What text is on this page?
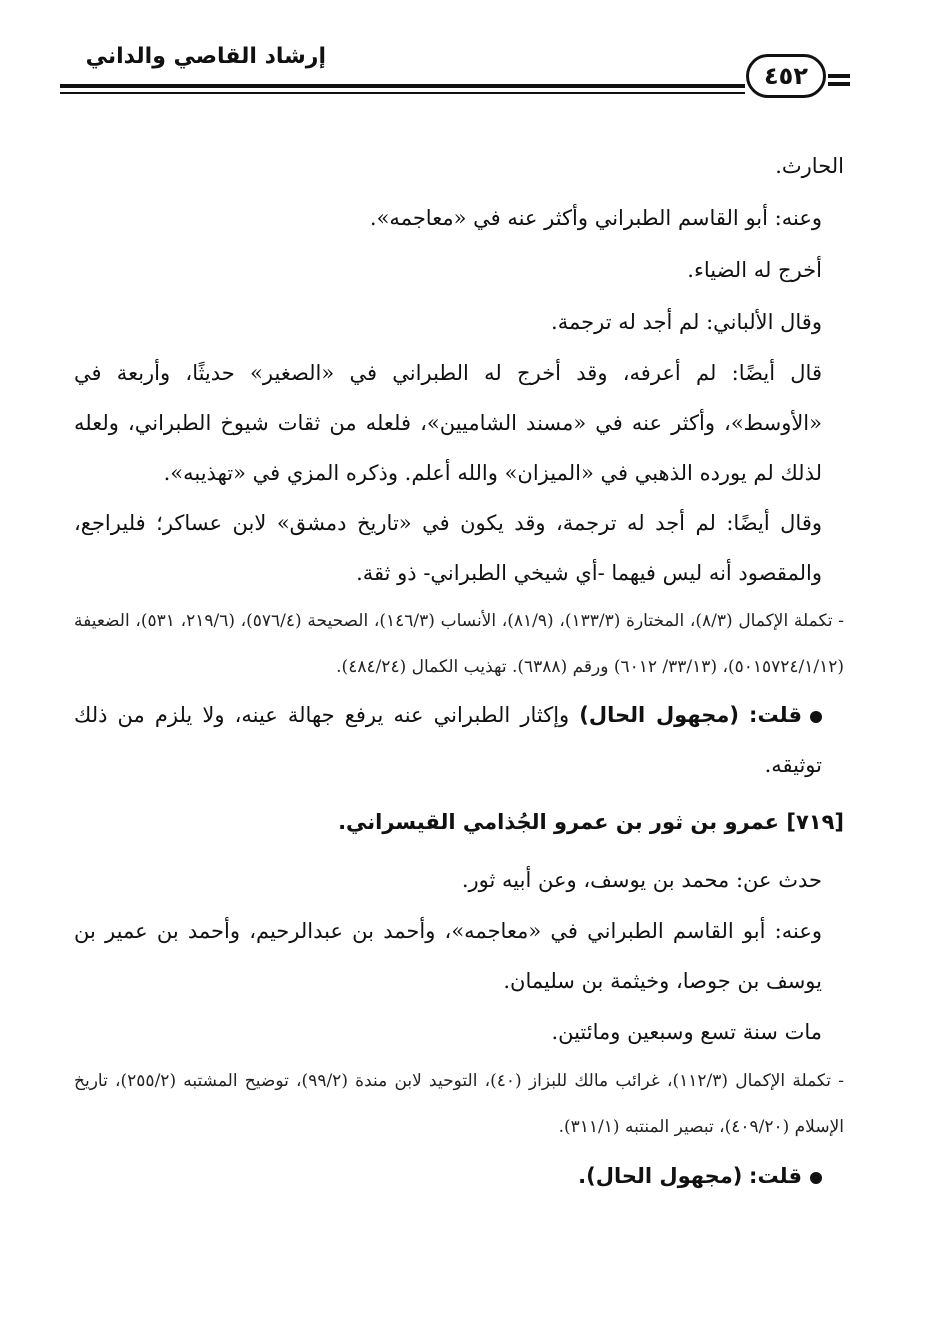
إرشاد القاصي والداني
٤٥٢

الحارث.

وعنه: أبو القاسم الطبراني وأكثر عنه في «معاجمه».

أخرج له الضياء.

وقال الألباني: لم أجد له ترجمة.

قال أيضًا: لم أعرفه، وقد أخرج له الطبراني في «الصغير» حديثًا، وأربعة في «الأوسط»، وأكثر عنه في «مسند الشاميين»، فلعله من ثقات شيوخ الطبراني، ولعله لذلك لم يورده الذهبي في «الميزان» والله أعلم. وذكره المزي في «تهذيبه».

وقال أيضًا: لم أجد له ترجمة، وقد يكون في «تاريخ دمشق» لابن عساكر؛ فليراجع، والمقصود أنه ليس فيهما -أي شيخي الطبراني- ذو ثقة.

- تكملة الإكمال (٨/٣)، المختارة (١٣٣/٣)، (٨١/٩)، الأنساب (١٤٦/٣)، الصحيحة (٥٧٦/٤)، (٢١٩/٦، ٥٣١)، الضعيفة (٥٠١٥٧٢٤/١/١٢)، (٣٣/١٣/ ٦٠١٢) ورقم (٦٣٨٨). تهذيب الكمال (٤٨٤/٢٤).

قلت: (مجهول الحال) وإكثار الطبراني عنه يرفع جهالة عينه، ولا يلزم من ذلك توثيقه.

[٧١٩] عمرو بن ثور بن عمرو الجُذامي القيسراني.

حدث عن: محمد بن يوسف، وعن أبيه ثور.

وعنه: أبو القاسم الطبراني في «معاجمه»، وأحمد بن عبدالرحيم، وأحمد بن عمير بن يوسف بن جوصا، وخيثمة بن سليمان.

مات سنة تسع وسبعين ومائتين.

- تكملة الإكمال (١١٢/٣)، غرائب مالك للبزاز (٤٠)، التوحيد لابن مندة (٩٩/٢)، توضيح المشتبه (٢٥٥/٢)، تاريخ الإسلام (٤٠٩/٢٠)، تبصير المنتبه (٣١١/١).

قلت: (مجهول الحال).
